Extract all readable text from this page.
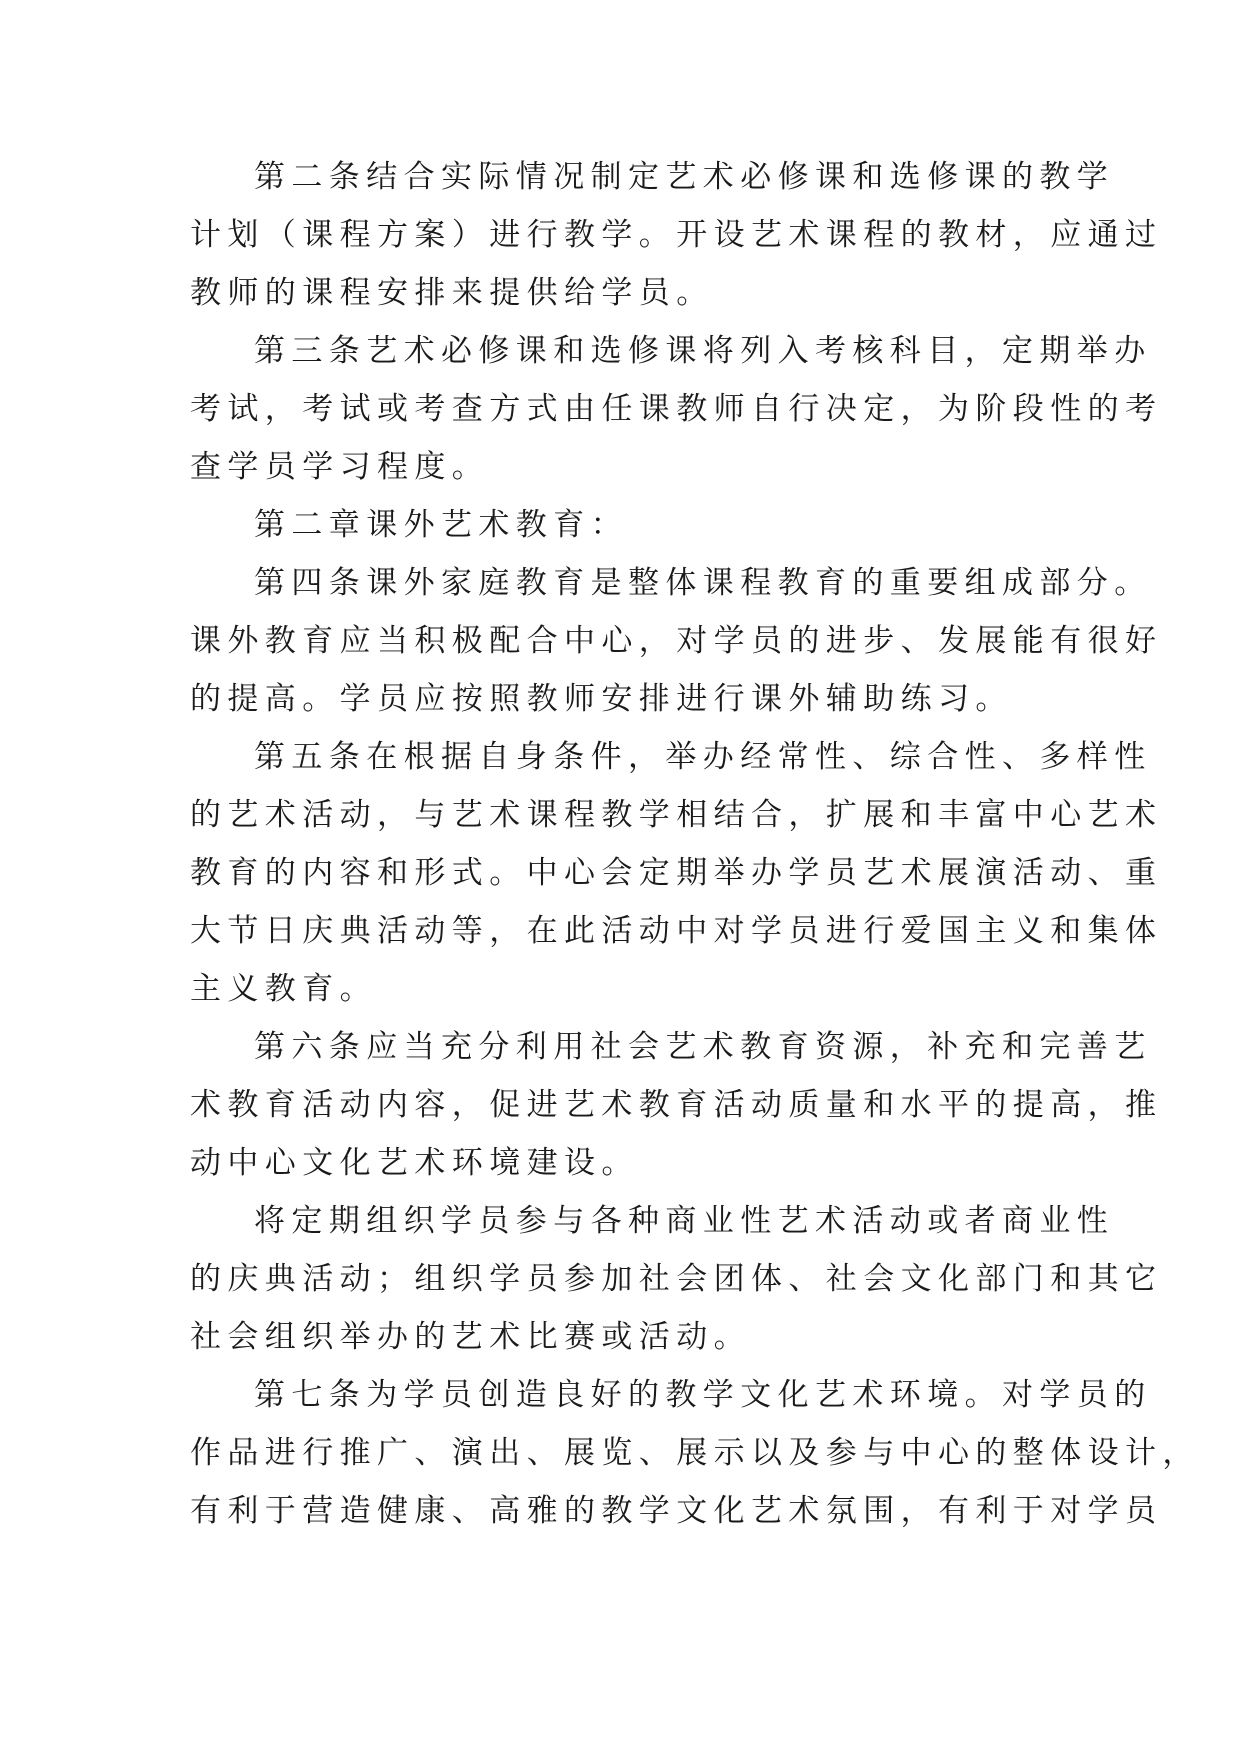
第二条结合实际情况制定艺术必修课和选修课的教学
计划（课程方案）进行教学。开设艺术课程的教材，应通过
教师的课程安排来提供给学员。
第三条艺术必修课和选修课将列入考核科目，定期举办
考试，考试或考查方式由任课教师自行决定，为阶段性的考
查学员学习程度。
第二章课外艺术教育：
第四条课外家庭教育是整体课程教育的重要组成部分。
课外教育应当积极配合中心，对学员的进步、发展能有很好
的提高。学员应按照教师安排进行课外辅助练习。
第五条在根据自身条件，举办经常性、综合性、多样性
的艺术活动，与艺术课程教学相结合，扩展和丰富中心艺术
教育的内容和形式。中心会定期举办学员艺术展演活动、重
大节日庆典活动等，在此活动中对学员进行爱国主义和集体
主义教育。
第六条应当充分利用社会艺术教育资源，补充和完善艺
术教育活动内容，促进艺术教育活动质量和水平的提高，推
动中心文化艺术环境建设。
将定期组织学员参与各种商业性艺术活动或者商业性
的庆典活动；组织学员参加社会团体、社会文化部门和其它
社会组织举办的艺术比赛或活动。
第七条为学员创造良好的教学文化艺术环境。对学员的
作品进行推广、演出、展览、展示以及参与中心的整体设计，
有利于营造健康、高雅的教学文化艺术氛围，有利于对学员
